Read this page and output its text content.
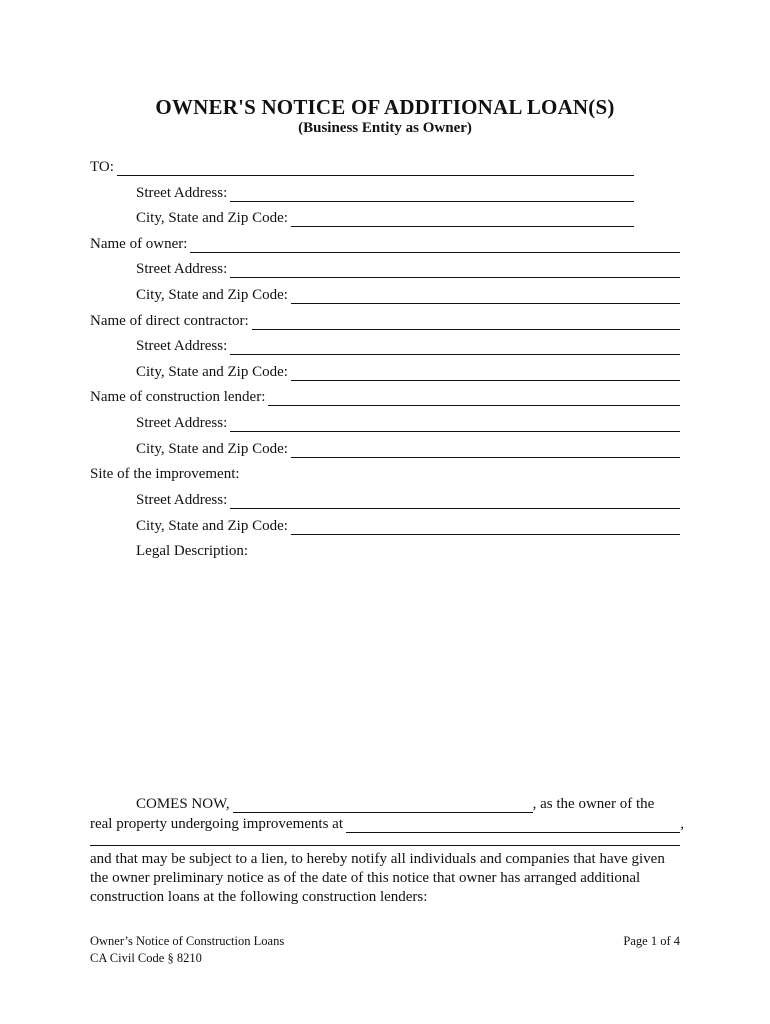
OWNER'S NOTICE OF ADDITIONAL LOAN(S)
(Business Entity as Owner)
TO:
Street Address:
City, State and Zip Code:
Name of owner:
Street Address:
City, State and Zip Code:
Name of direct contractor:
Street Address:
City, State and Zip Code:
Name of construction lender:
Street Address:
City, State and Zip Code:
Site of the improvement:
Street Address:
City, State and Zip Code:
Legal Description:
COMES NOW,	, as the owner of the
real property undergoing improvements at	,
and that may be subject to a lien, to hereby notify all individuals and companies that have given the owner preliminary notice as of the date of this notice that owner has arranged additional construction loans at the following construction lenders:
Owner’s Notice of Construction Loans
CA Civil Code § 8210
Page 1 of 4
